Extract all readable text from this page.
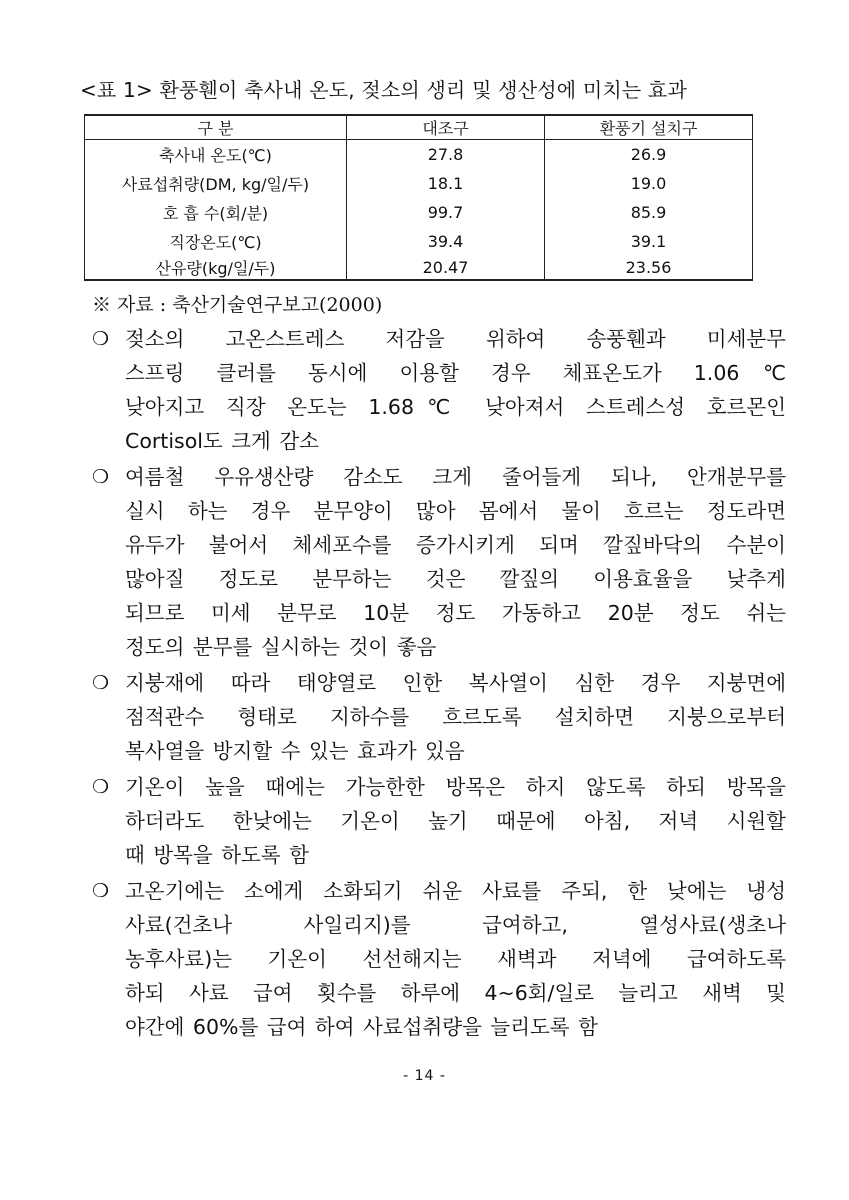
<표 1> 환풍휀이 축사내 온도, 젖소의 생리 및 생산성에 미치는 효과
구 분	대조구	환풍기 설치구
축사내 온도(℃)	27.8	26.9
사료섭취량(DM, kg/일/두)	18.1	19.0
호 흡 수(회/분)	99.7	85.9
직장온도(℃)	39.4	39.1
산유량(kg/일/두)	20.47	23.56
※ 자료 : 축산기술연구보고(2000)
❍ 젖소의 고온스트레스 저감을 위하여 송풍휀과 미세분무
스프링 클러를 동시에 이용할 경우 체표온도가 1.06℃
낮아지고 직장 온도는 1.68℃ 낮아져서 스트레스성 호르몬인
Cortisol도 크게 감소
❍ 여름철 우유생산량 감소도 크게 줄어들게 되나, 안개분무를
실시 하는 경우 분무양이 많아 몸에서 물이 흐르는 정도라면
유두가 불어서 체세포수를 증가시키게 되며 깔짚바닥의 수분이
많아질 정도로 분무하는 것은 깔짚의 이용효율을 낮추게
되므로 미세 분무로 10분 정도 가동하고 20분 정도 쉬는
정도의 분무를 실시하는 것이 좋음
❍ 지붕재에 따라 태양열로 인한 복사열이 심한 경우 지붕면에
점적관수 형태로 지하수를 흐르도록 설치하면 지붕으로부터
복사열을 방지할 수 있는 효과가 있음
❍ 기온이 높을 때에는 가능한한 방목은 하지 않도록 하되 방목을
하더라도 한낮에는 기온이 높기 때문에 아침, 저녁 시원할
때 방목을 하도록 함
❍ 고온기에는 소에게 소화되기 쉬운 사료를 주되, 한 낮에는 냉성
사료(건초나 사일리지)를 급여하고, 열성사료(생초나
농후사료)는 기온이 선선해지는 새벽과 저녁에 급여하도록
하되 사료 급여 횟수를 하루에 4~6회/일로 늘리고 새벽 및
야간에 60%를 급여 하여 사료섭취량을 늘리도록 함
- 14 -
